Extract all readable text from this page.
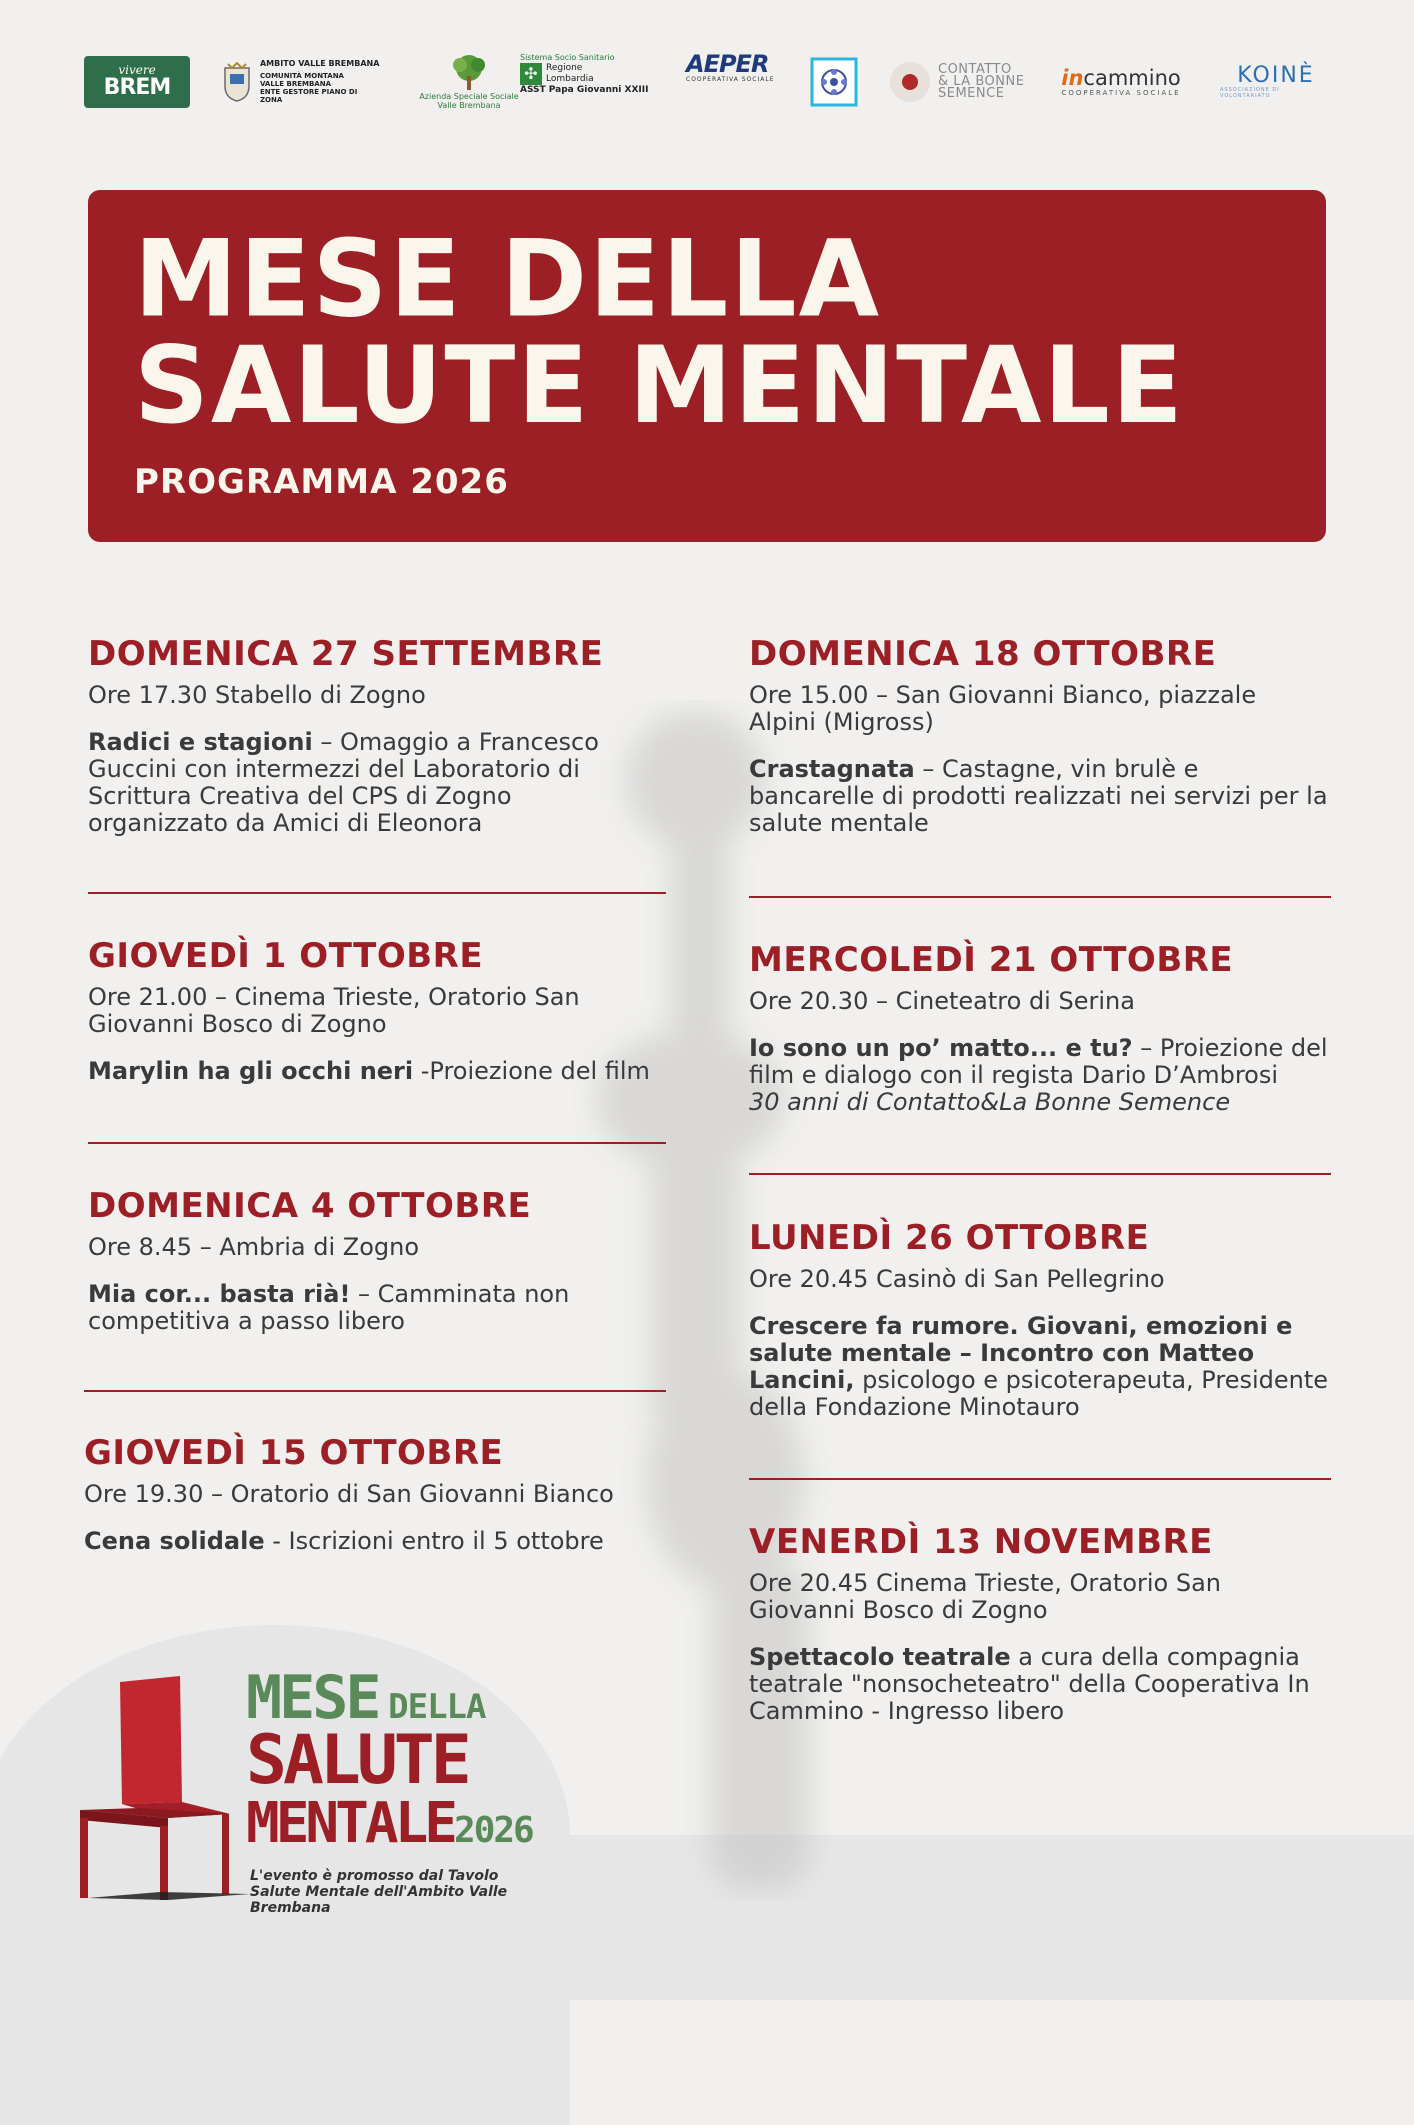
vivere
BREM
AMBITO VALLE BREMBANA
COMUNITÀ MONTANA
VALLE BREMBANA
ENTE GESTORE PIANO DI ZONA	Azienda Speciale Sociale
Valle Brembana
Sistema Socio Sanitario
✣ Regione
Lombardia
ASST Papa Giovanni XXIII
AEPER
COOPERATIVA SOCIALE
CONTATTO
& LA BONNE
SEMENCE
incammino
COOPERATIVA SOCIALE
KOINÈ
ASSOCIAZIONE DI VOLONTARIATO
MESE DELLA
SALUTE MENTALE

PROGRAMMA 2026

DOMENICA 27 SETTEMBRE

Ore 17.30 Stabello di Zogno

Radici e stagioni – Omaggio a Francesco Guccini con intermezzi del Laboratorio di Scrittura Creativa del CPS di Zogno organizzato da Amici di Eleonora

GIOVEDÌ 1 OTTOBRE

Ore 21.00 – Cinema Trieste, Oratorio San Giovanni Bosco di Zogno

Marylin ha gli occhi neri -Proiezione del film

DOMENICA 4 OTTOBRE

Ore 8.45 – Ambria di Zogno

Mia cor... basta rià! – Camminata non competitiva a passo libero

GIOVEDÌ 15 OTTOBRE

Ore 19.30 – Oratorio di San Giovanni Bianco

Cena solidale - Iscrizioni entro il 5 ottobre

DOMENICA 18 OTTOBRE

Ore 15.00 – San Giovanni Bianco, piazzale Alpini (Migross)

Crastagnata – Castagne, vin brulè e bancarelle di prodotti realizzati nei servizi per la salute mentale

MERCOLEDÌ 21 OTTOBRE

Ore 20.30 – Cineteatro di Serina

Io sono un po’ matto... e tu? – Proiezione del film e dialogo con il regista Dario D’Ambrosi
30 anni di Contatto&La Bonne Semence

LUNEDÌ 26 OTTOBRE

Ore 20.45 Casinò di San Pellegrino

Crescere fa rumore. Giovani, emozioni e salute mentale – Incontro con Matteo Lancini, psicologo e psicoterapeuta, Presidente della Fondazione Minotauro

VENERDÌ 13 NOVEMBRE

Ore 20.45 Cinema Trieste, Oratorio San Giovanni Bosco di Zogno

Spettacolo teatrale a cura della compagnia teatrale "nonsocheteatro" della Cooperativa In Cammino - Ingresso libero

MESE DELLA
SALUTE
MENTALE2026
L'evento è promosso dal Tavolo Salute Mentale dell'Ambito Valle Brembana
